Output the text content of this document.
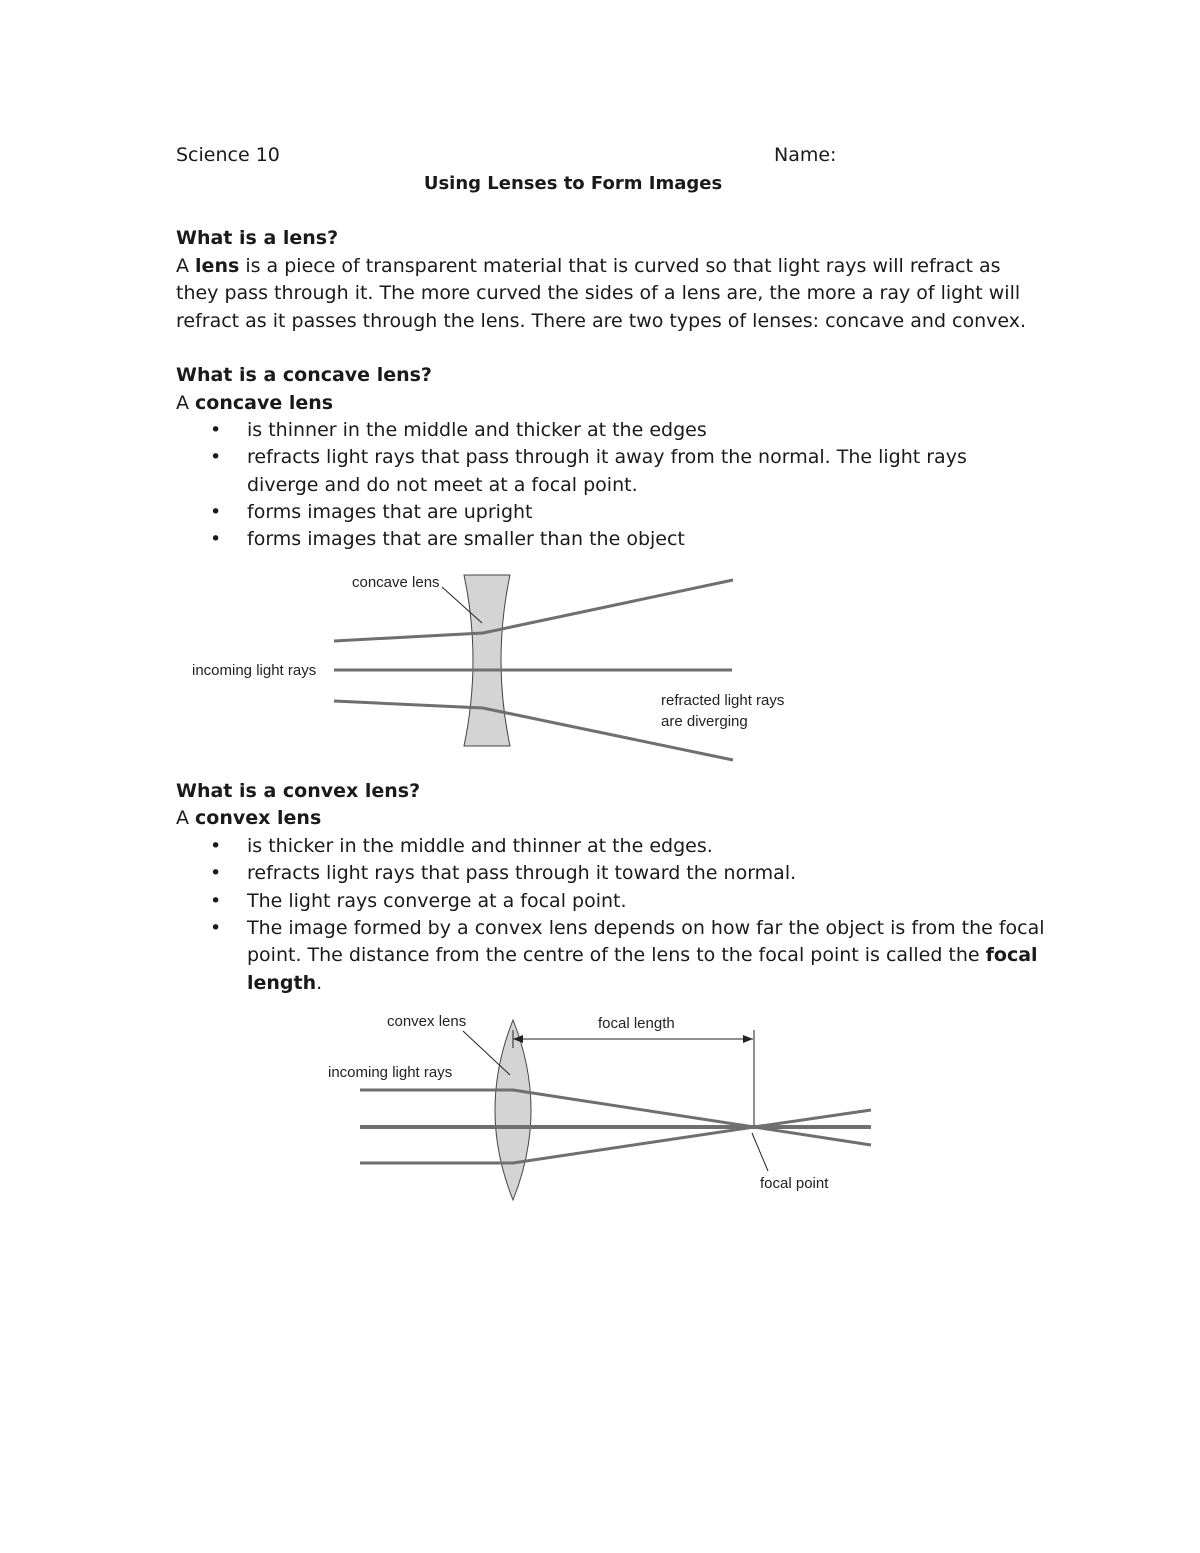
Science 10	Name:
Using Lenses to Form Images
What is a lens?
A lens is a piece of transparent material that is curved so that light rays will refract as
they pass through it. The more curved the sides of a lens are, the more a ray of light will
refract as it passes through the lens. There are two types of lenses: concave and convex.
What is a concave lens?
A concave lens
• is thinner in the middle and thicker at the edges
• refracts light rays that pass through it away from the normal. The light rays
diverge and do not meet at a focal point.
• forms images that are upright
• forms images that are smaller than the object
concave lens
incoming light rays
refracted light rays
are diverging
What is a convex lens?
A convex lens
• is thicker in the middle and thinner at the edges.
• refracts light rays that pass through it toward the normal.
• The light rays converge at a focal point.
• The image formed by a convex lens depends on how far the object is from the focal
point. The distance from the centre of the lens to the focal point is called the focal
length.
convex lens
incoming light rays
focal length
focal point
